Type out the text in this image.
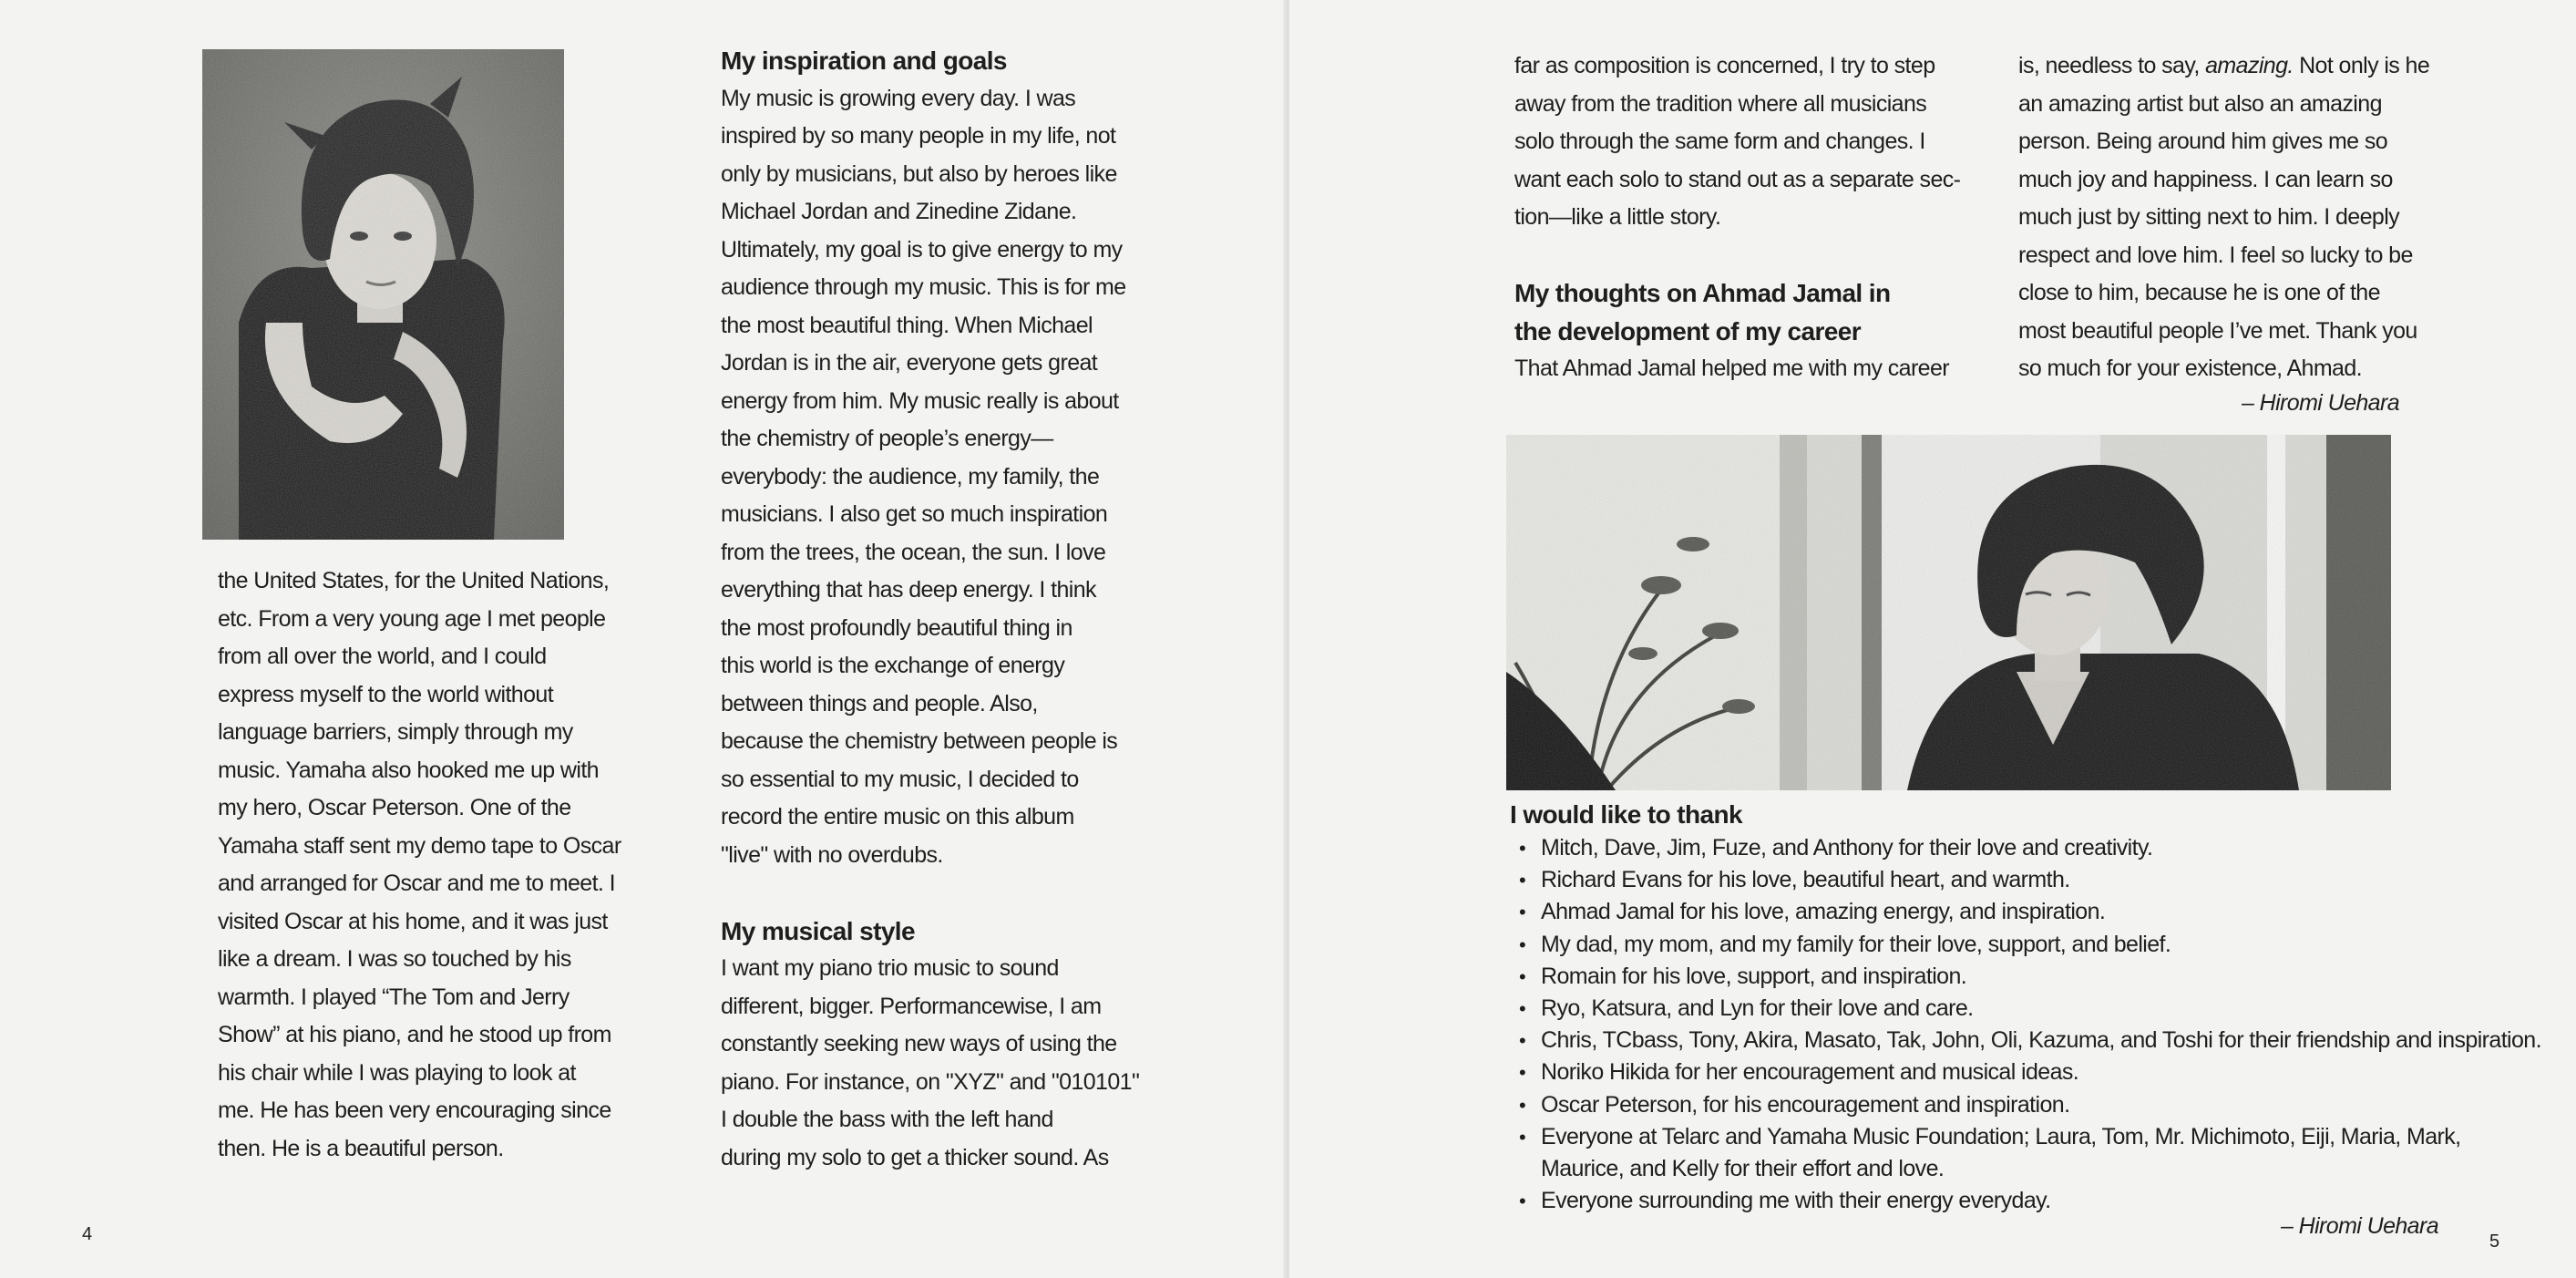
the United States, for the United Nations,
etc. From a very young age I met people
from all over the world, and I could
express myself to the world without
language barriers, simply through my
music. Yamaha also hooked me up with
my hero, Oscar Peterson. One of the
Yamaha staff sent my demo tape to Oscar
and arranged for Oscar and me to meet. I
visited Oscar at his home, and it was just
like a dream. I was so touched by his
warmth. I played “The Tom and Jerry
Show” at his piano, and he stood up from
his chair while I was playing to look at
me. He has been very encouraging since
then. He is a beautiful person.

My inspiration and goals

My music is growing every day. I was
inspired by so many people in my life, not
only by musicians, but also by heroes like
Michael Jordan and Zinedine Zidane.
Ultimately, my goal is to give energy to my
audience through my music. This is for me
the most beautiful thing. When Michael
Jordan is in the air, everyone gets great
energy from him. My music really is about
the chemistry of people’s energy—
everybody: the audience, my family, the
musicians. I also get so much inspiration
from the trees, the ocean, the sun. I love
everything that has deep energy. I think
the most profoundly beautiful thing in
this world is the exchange of energy
between things and people. Also,
because the chemistry between people is
so essential to my music, I decided to
record the entire music on this album
"live" with no overdubs.

My musical style

I want my piano trio music to sound
different, bigger. Performancewise, I am
constantly seeking new ways of using the
piano. For instance, on "XYZ" and "010101"
I double the bass with the left hand
during my solo to get a thicker sound. As

4

far as composition is concerned, I try to step
away from the tradition where all musicians
solo through the same form and changes. I
want each solo to stand out as a separate sec-
tion—like a little story.

My thoughts on Ahmad Jamal in
the development of my career

That Ahmad Jamal helped me with my career

is, needless to say, amazing. Not only is he
an amazing artist but also an amazing
person. Being around him gives me so
much joy and happiness. I can learn so
much just by sitting next to him. I deeply
respect and love him. I feel so lucky to be
close to him, because he is one of the
most beautiful people I’ve met. Thank you
so much for your existence, Ahmad.

– Hiromi Uehara
5
I would like to thank
• Mitch, Dave, Jim, Fuze, and Anthony for their love and creativity.
• Richard Evans for his love, beautiful heart, and warmth.
• Ahmad Jamal for his love, amazing energy, and inspiration.
• My dad, my mom, and my family for their love, support, and belief.
• Romain for his love, support, and inspiration.
• Ryo, Katsura, and Lyn for their love and care.
• Chris, TCbass, Tony, Akira, Masato, Tak, John, Oli, Kazuma, and Toshi for their friendship and inspiration.
• Noriko Hikida for her encouragement and musical ideas.
• Oscar Peterson, for his encouragement and inspiration.
• Everyone at Telarc and Yamaha Music Foundation; Laura, Tom, Mr. Michimoto, Eiji, Maria, Mark, Maurice, and Kelly for their effort and love.
• Everyone surrounding me with their energy everyday.
– Hiromi Uehara
